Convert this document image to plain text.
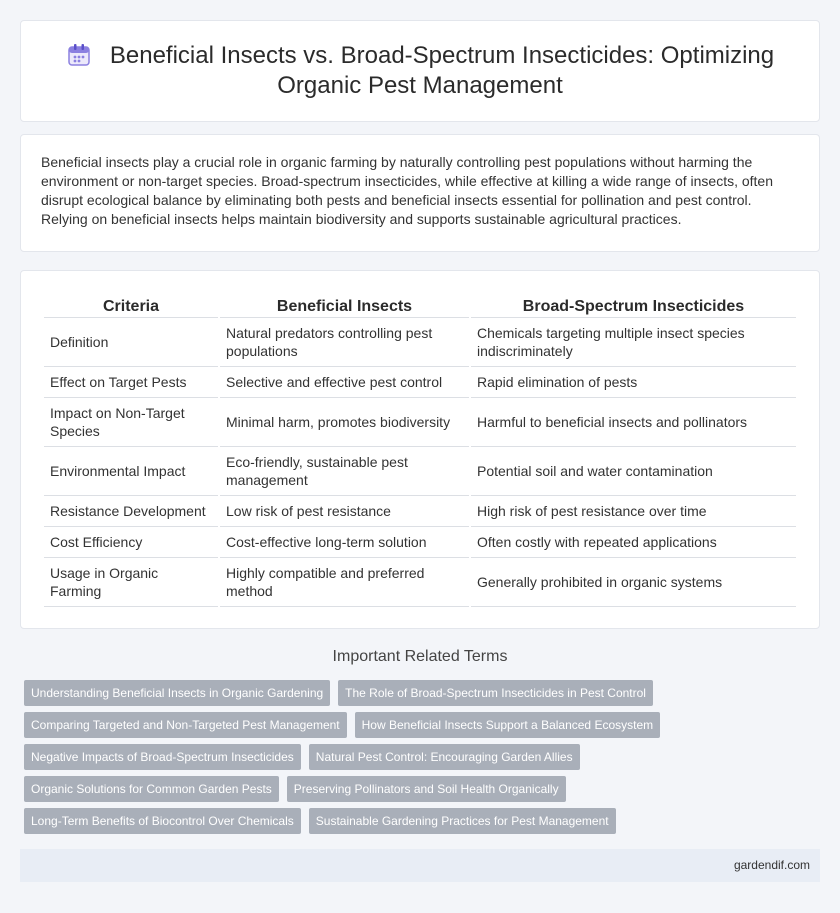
Beneficial Insects vs. Broad-Spectrum Insecticides: Optimizing Organic Pest Management

Beneficial insects play a crucial role in organic farming by naturally controlling pest populations without harming the environment or non-target species. Broad-spectrum insecticides, while effective at killing a wide range of insects, often disrupt ecological balance by eliminating both pests and beneficial insects essential for pollination and pest control. Relying on beneficial insects helps maintain biodiversity and supports sustainable agricultural practices.

Criteria	Beneficial Insects	Broad-Spectrum Insecticides
Definition	Natural predators controlling pest populations	Chemicals targeting multiple insect species indiscriminately
Effect on Target Pests	Selective and effective pest control	Rapid elimination of pests
Impact on Non-Target Species	Minimal harm, promotes biodiversity	Harmful to beneficial insects and pollinators
Environmental Impact	Eco-friendly, sustainable pest management	Potential soil and water contamination
Resistance Development	Low risk of pest resistance	High risk of pest resistance over time
Cost Efficiency	Cost-effective long-term solution	Often costly with repeated applications
Usage in Organic Farming	Highly compatible and preferred method	Generally prohibited in organic systems
Important Related Terms
Understanding Beneficial Insects in Organic Gardening	The Role of Broad-Spectrum Insecticides in Pest Control
Comparing Targeted and Non-Targeted Pest Management	How Beneficial Insects Support a Balanced Ecosystem
Negative Impacts of Broad-Spectrum Insecticides	Natural Pest Control: Encouraging Garden Allies
Organic Solutions for Common Garden Pests	Preserving Pollinators and Soil Health Organically
Long-Term Benefits of Biocontrol Over Chemicals	Sustainable Gardening Practices for Pest Management
gardendif.com
